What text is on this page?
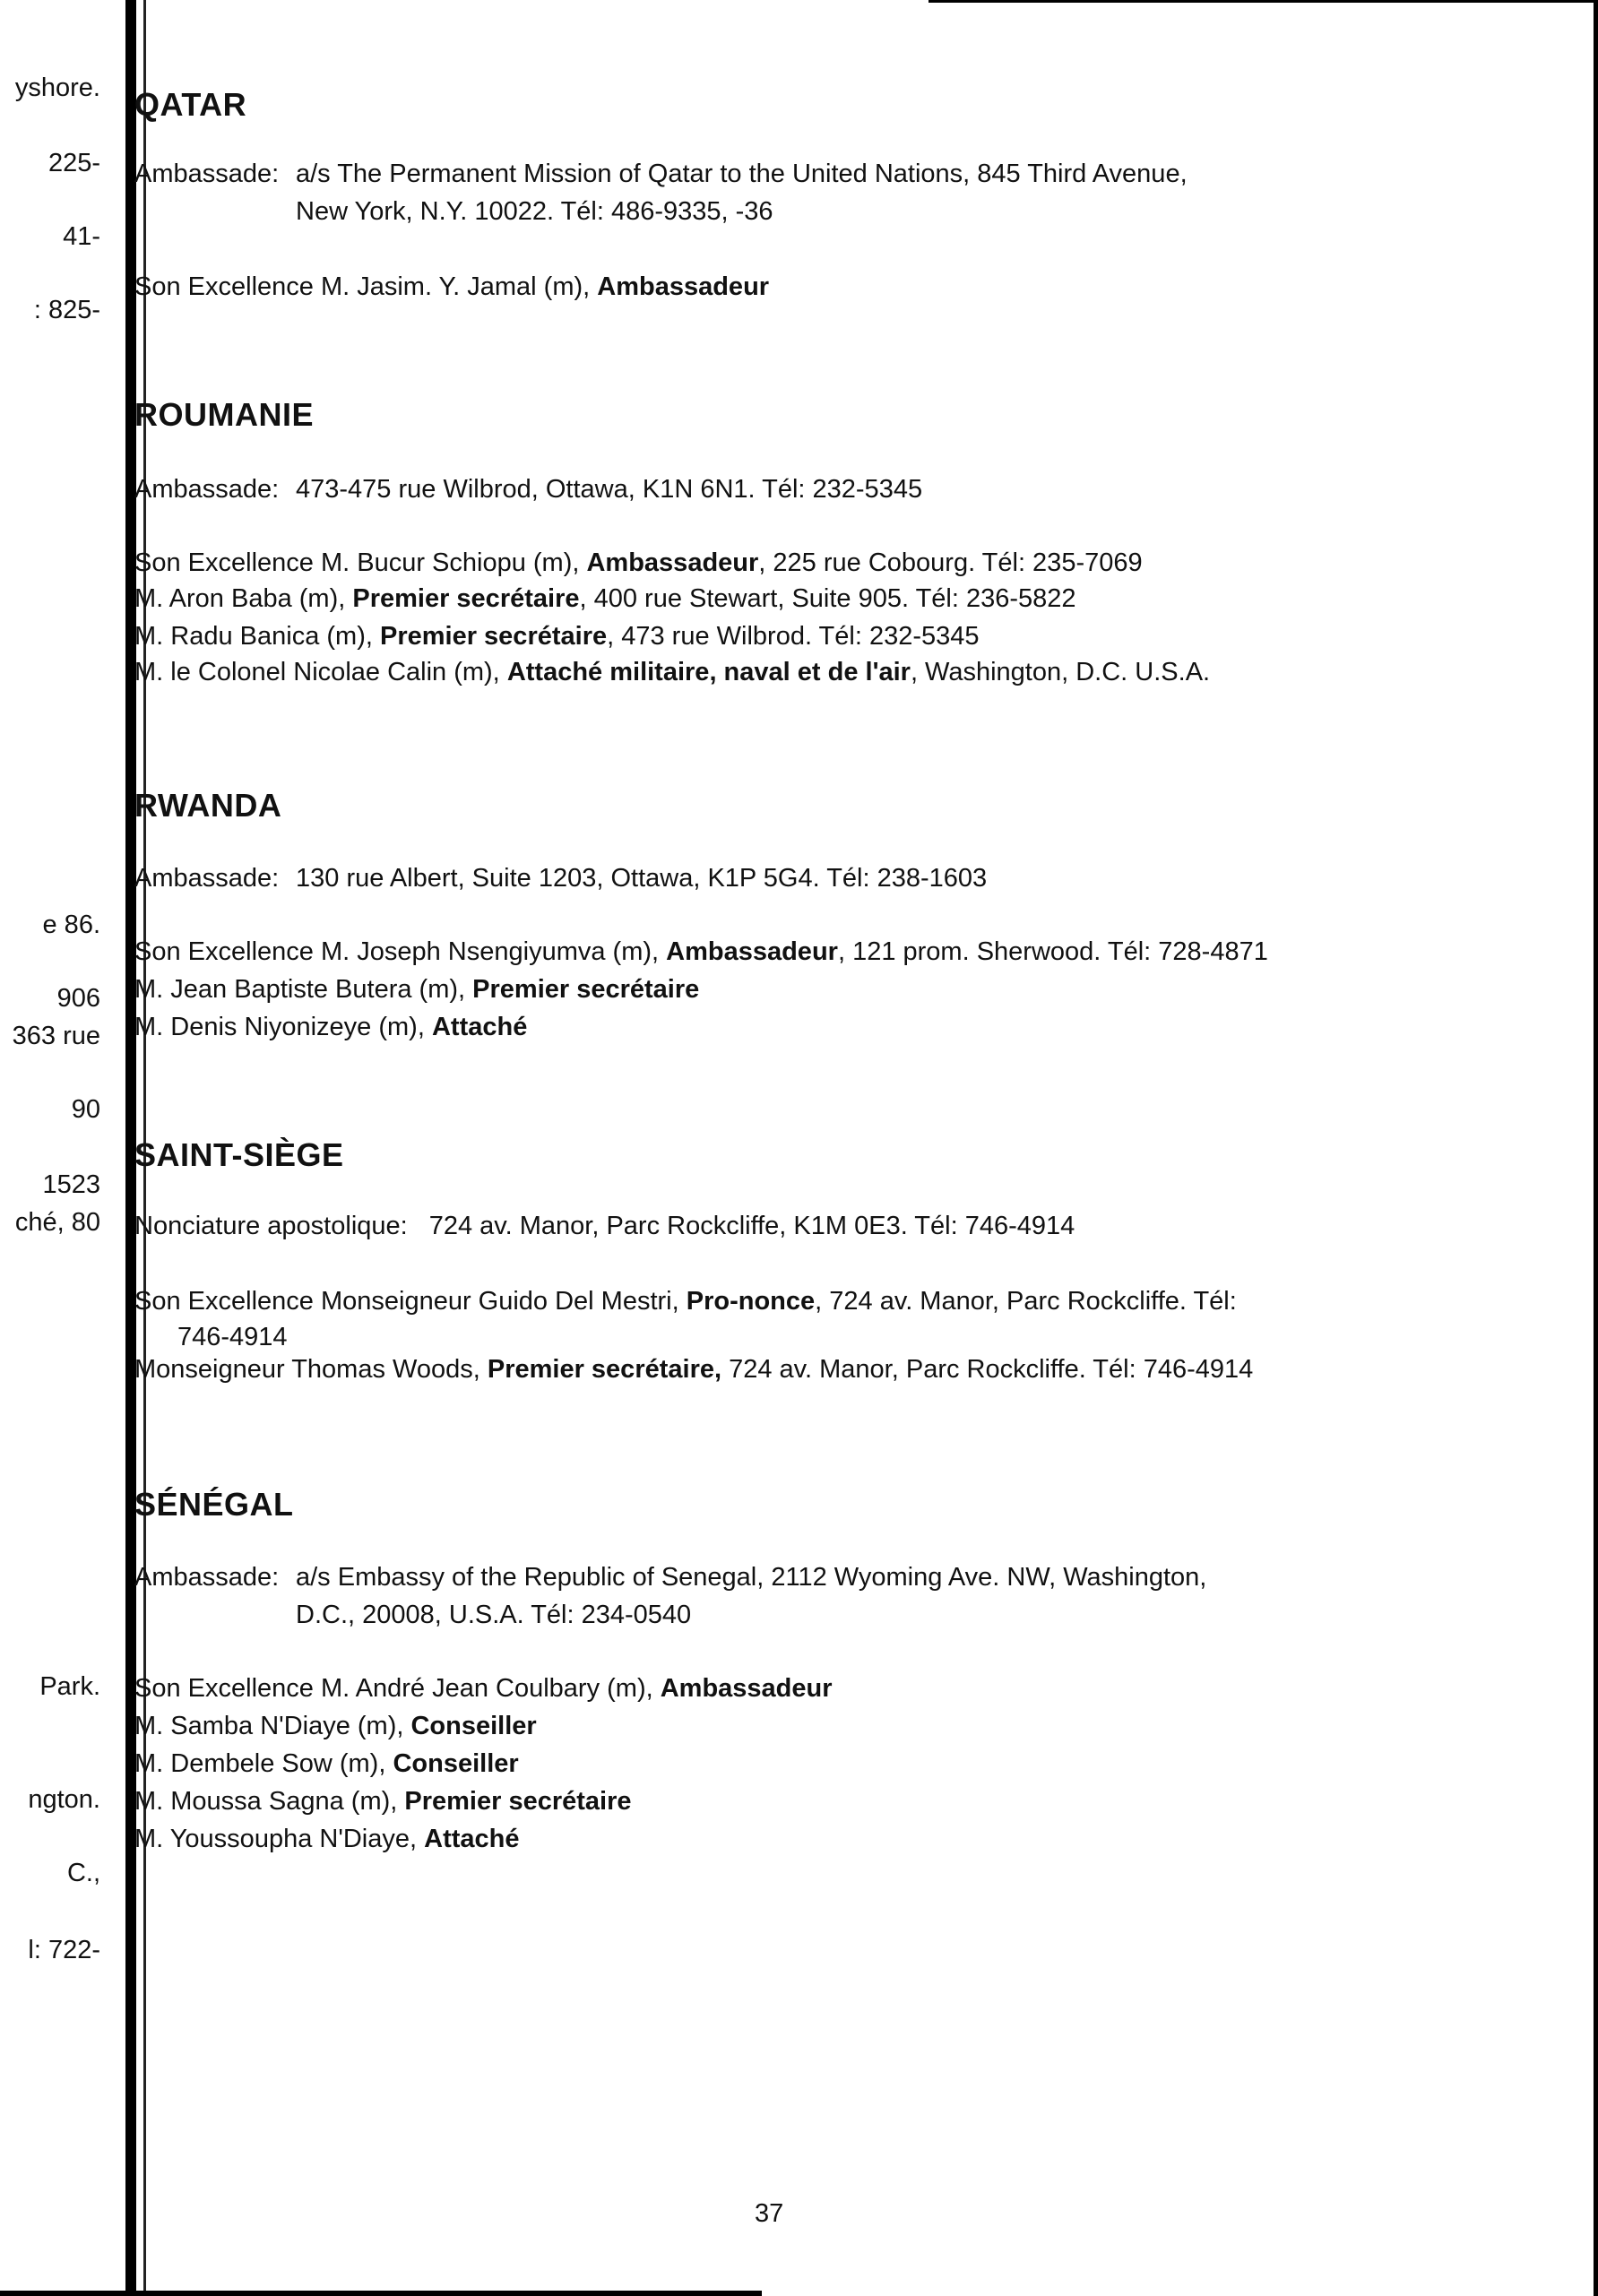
yshore.
225-
41-
: 825-
e 86.
906
363 rue
90
1523
ché, 80
Park.
ngton.
C.,
l: 722-
QATAR
Ambassade: a/s The Permanent Mission of Qatar to the United Nations, 845 Third Avenue,
New York, N.Y. 10022. Tél: 486-9335, -36
Son Excellence M. Jasim. Y. Jamal (m), Ambassadeur
ROUMANIE
Ambassade: 473-475 rue Wilbrod, Ottawa, K1N 6N1. Tél: 232-5345
Son Excellence M. Bucur Schiopu (m), Ambassadeur, 225 rue Cobourg. Tél: 235-7069
M. Aron Baba (m), Premier secrétaire, 400 rue Stewart, Suite 905. Tél: 236-5822
M. Radu Banica (m), Premier secrétaire, 473 rue Wilbrod. Tél: 232-5345
M. le Colonel Nicolae Calin (m), Attaché militaire, naval et de l'air, Washington, D.C. U.S.A.
RWANDA
Ambassade: 130 rue Albert, Suite 1203, Ottawa, K1P 5G4. Tél: 238-1603
Son Excellence M. Joseph Nsengiyumva (m), Ambassadeur, 121 prom. Sherwood. Tél: 728-4871
M. Jean Baptiste Butera (m), Premier secrétaire
M. Denis Niyonizeye (m), Attaché
SAINT-SIÈGE
Nonciature apostolique: 724 av. Manor, Parc Rockcliffe, K1M 0E3. Tél: 746-4914
Son Excellence Monseigneur Guido Del Mestri, Pro-nonce, 724 av. Manor, Parc Rockcliffe. Tél:
746-4914
Monseigneur Thomas Woods, Premier secrétaire, 724 av. Manor, Parc Rockcliffe. Tél: 746-4914
SÉNÉGAL
Ambassade: a/s Embassy of the Republic of Senegal, 2112 Wyoming Ave. NW, Washington,
D.C., 20008, U.S.A. Tél: 234-0540
Son Excellence M. André Jean Coulbary (m), Ambassadeur
M. Samba N'Diaye (m), Conseiller
M. Dembele Sow (m), Conseiller
M. Moussa Sagna (m), Premier secrétaire
M. Youssoupha N'Diaye, Attaché
37
